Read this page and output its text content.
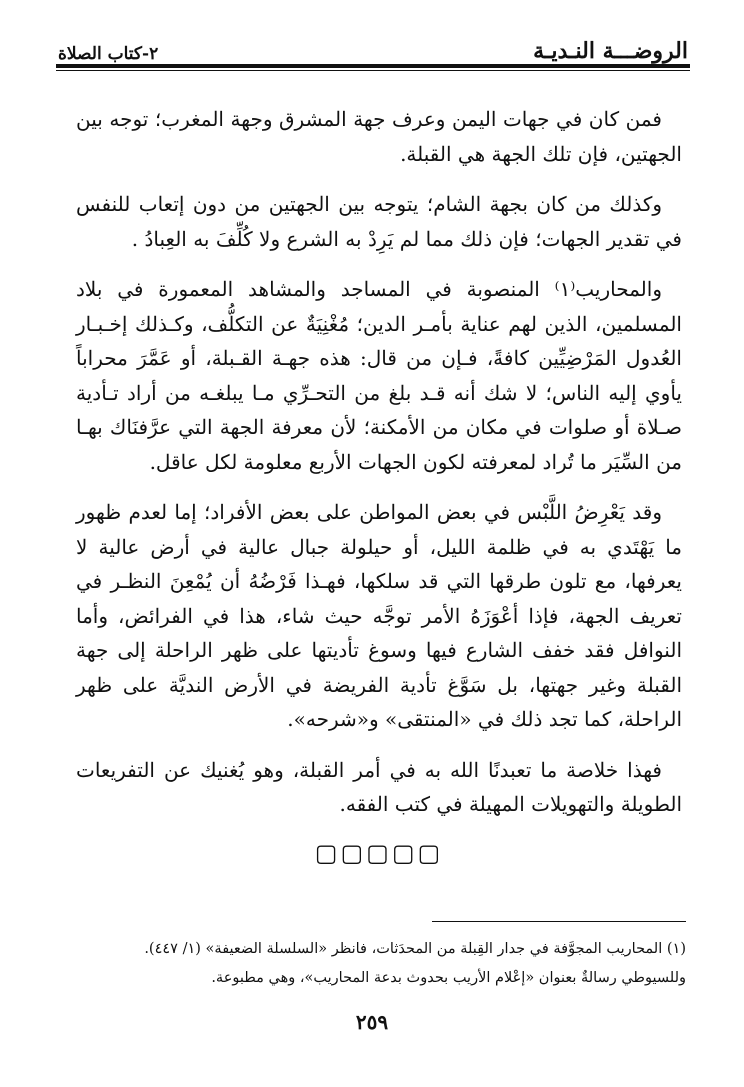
الروضـــة النـديـة
٢-كتاب الصلاة

فمن كان في جهات اليمن وعرف جهة المشرق وجهة المغرب؛ توجه بين الجهتين، فإن تلك الجهة هي القبلة.

وكذلك من كان بجهة الشام؛ يتوجه بين الجهتين من دون إتعاب للنفس في تقدير الجهات؛ فإن ذلك مما لم يَرِدْ به الشرع ولا كُلِّفَ به العِبادُ .

والمحاريب⁽١⁾ المنصوبة في المساجد والمشاهد المعمورة في بلاد المسلمين، الذين لهم عناية بأمـر الدين؛ مُغْنِيَةٌ عن التكلُّف، وكـذلك إخـبـار العُدول المَرْضِيِّين كافةً، فـإن من قال: هذه جهـة القـبلة، أو عَمَّرَ محراباً يأوي إليه الناس؛ لا شك أنه قـد بلغ من التحـرِّي مـا يبلغـه من أراد تـأدية صـلاة أو صلوات في مكان من الأمكنة؛ لأن معرفة الجهة التي عرَّفنَاك بهـا من السِّيَر ما تُراد لمعرفته لكون الجهات الأربع معلومة لكل عاقل.

وقد يَعْرِضُ اللَّبْس في بعض المواطن على بعض الأفراد؛ إما لعدم ظهور ما يَهْتَدي به في ظلمة الليل، أو حيلولة جبال عالية في أرض عالية لا يعرفها، مع تلون طرقها التي قد سلكها، فهـذا فَرْضُهُ أن يُمْعِنَ النظـر في تعريف الجهة، فإذا أعْوَزَهُ الأمر توجَّه حيث شاء، هذا في الفرائض، وأما النوافل فقد خفف الشارع فيها وسوغ تأديتها على ظهر الراحلة إلى جهة القبلة وغير جهتها، بل سَوَّغ تأدية الفريضة في الأرض النديَّة على ظهر الراحلة، كما تجد ذلك في «المنتقى» و«شرحه».

فهذا خلاصة ما تعبدنًا الله به في أمر القبلة، وهو يُغنيك عن التفريعات الطويلة والتهويلات المهيلة في كتب الفقه.

▢▢▢▢▢

(١) المحاريب المجوَّفة في جدار القِبلة من المحدَثات، فانظر «السلسلة الضعيفة» (١/ ٤٤٧).

وللسيوطي رسالةٌ بعنوان «إعْلام الأريب بحدوث بدعة المحاريب»، وهي مطبوعة.

٢٥٩
